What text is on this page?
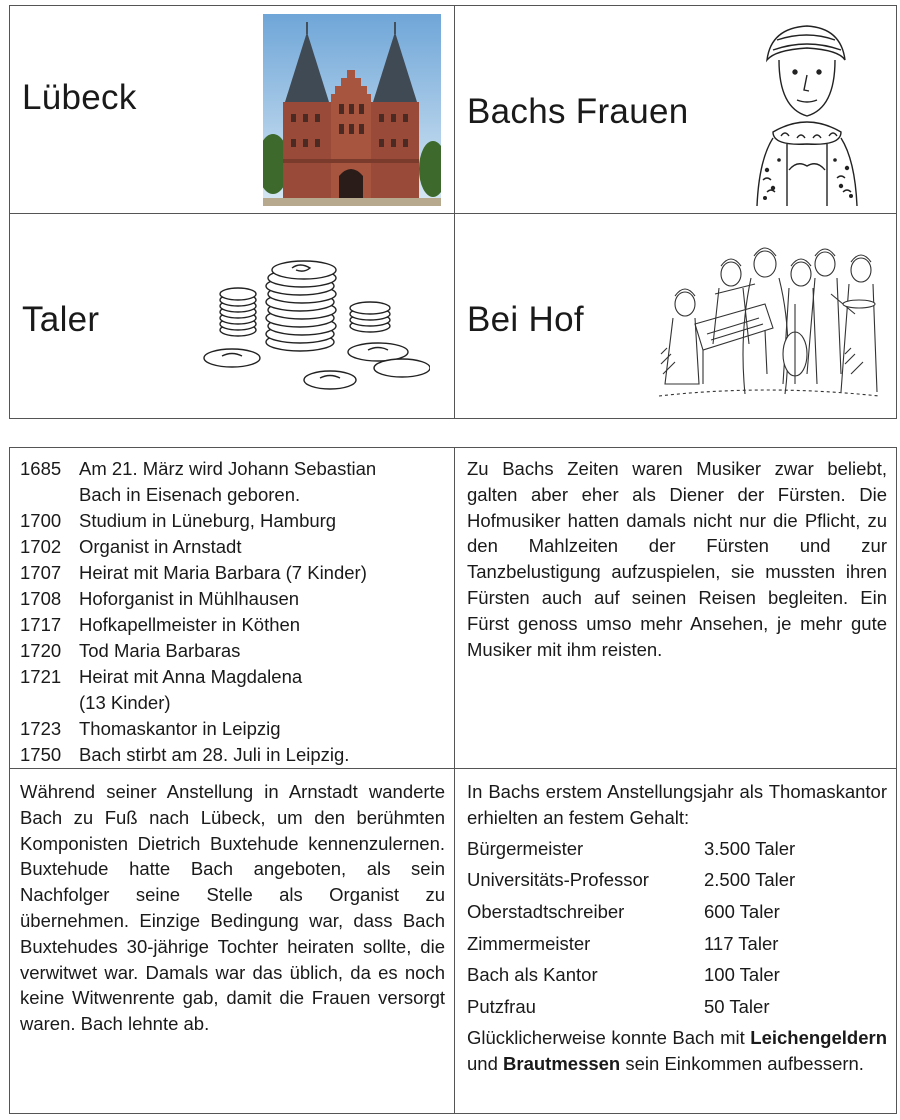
Lübeck	Bachs Frauen
Taler	Bei Hof
1685 Am 21. März wird Johann Sebastian
Bach in Eisenach geboren.
1700 Studium in Lüneburg, Hamburg
1702 Organist in Arnstadt
1707 Heirat mit Maria Barbara (7 Kinder)
1708 Hoforganist in Mühlhausen
1717 Hofkapellmeister in Köthen
1720 Tod Maria Barbaras
1721 Heirat mit Anna Magdalena
(13 Kinder)
1723 Thomaskantor in Leipzig
1750 Bach stirbt am 28. Juli in Leipzig.
Zu Bachs Zeiten waren Musiker zwar beliebt, galten aber eher als Diener der Fürsten. Die Hofmusiker hatten damals nicht nur die Pflicht, zu den Mahlzeiten der Fürsten und zur Tanzbelustigung aufzuspielen, sie mussten ihren Fürsten auch auf seinen Reisen begleiten. Ein Fürst genoss umso mehr Ansehen, je mehr gute Musiker mit ihm reisten.
Während seiner Anstellung in Arnstadt wanderte Bach zu Fuß nach Lübeck, um den berühmten Komponisten Dietrich Buxtehude kennenzulernen. Buxtehude hatte Bach angeboten, als sein Nachfolger seine Stelle als Organist zu übernehmen. Einzige Bedingung war, dass Bach Buxtehudes 30-jährige Tochter heiraten sollte, die verwitwet war. Damals war das üblich, da es noch keine Witwenrente gab, damit die Frauen versorgt waren. Bach lehnte ab.
In Bachs erstem Anstellungsjahr als Thomaskantor erhielten an festem Gehalt:
Bürgermeister	3.500 Taler
Universitäts-Professor	2.500 Taler
Oberstadtschreiber	600 Taler
Zimmermeister	117 Taler
Bach als Kantor	100 Taler
Putzfrau	50 Taler
Glücklicherweise konnte Bach mit Leichengeldern und Brautmessen sein Einkommen aufbessern.
